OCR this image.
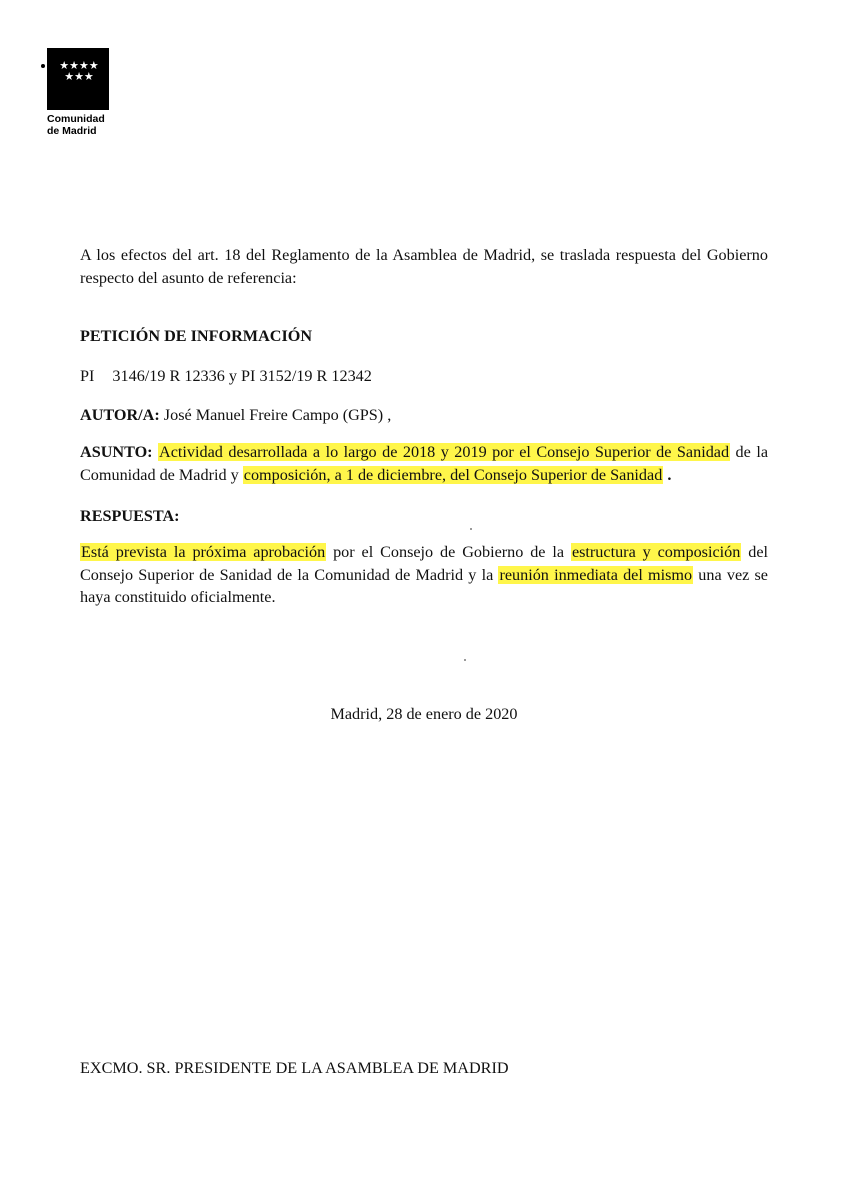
★★★★
★★★
Comunidad
de Madrid
A los efectos del art. 18 del Reglamento de la Asamblea de Madrid, se traslada respuesta del Gobierno respecto del asunto de referencia:
PETICIÓN DE INFORMACIÓN
PI 3146/19 R 12336 y PI 3152/19 R 12342
AUTOR/A: José Manuel Freire Campo (GPS) ,
ASUNTO: Actividad desarrollada a lo largo de 2018 y 2019 por el Consejo Superior de Sanidad de la Comunidad de Madrid y composición, a 1 de diciembre, del Consejo Superior de Sanidad .
RESPUESTA:
Está prevista la próxima aprobación por el Consejo de Gobierno de la estructura y composición del Consejo Superior de Sanidad de la Comunidad de Madrid y la reunión inmediata del mismo una vez se haya constituido oficialmente.
Madrid, 28 de enero de 2020
EXCMO. SR. PRESIDENTE DE LA ASAMBLEA DE MADRID
